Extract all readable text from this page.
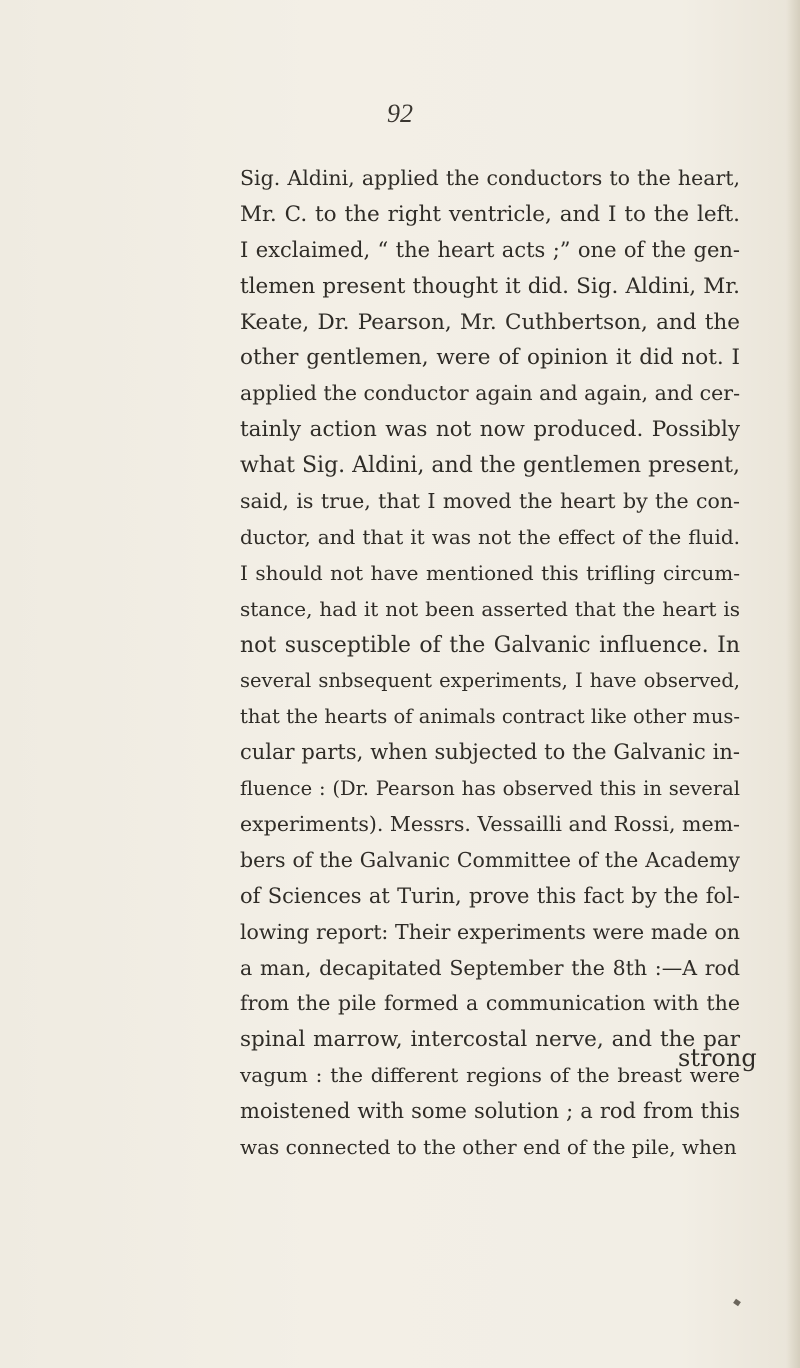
92
Sig. Aldini, applied the conductors to the heart,
Mr. C. to the right ventricle, and I to the left.
I exclaimed, “ the heart acts ;” one of the gen-
tlemen present thought it did. Sig. Aldini, Mr.
Keate, Dr. Pearson, Mr. Cuthbertson, and the
other gentlemen, were of opinion it did not. I
applied the conductor again and again, and cer-
tainly action was not now produced. Possibly
what Sig. Aldini, and the gentlemen present,
said, is true, that I moved the heart by the con-
ductor, and that it was not the effect of the fluid.
I should not have mentioned this trifling circum-
stance, had it not been asserted that the heart is
not susceptible of the Galvanic influence. In
several snbsequent experiments, I have observed,
that the hearts of animals contract like other mus-
cular parts, when subjected to the Galvanic in-
fluence : (Dr. Pearson has observed this in several
experiments). Messrs. Vessailli and Rossi, mem-
bers of the Galvanic Committee of the Academy
of Sciences at Turin, prove this fact by the fol-
lowing report: Their experiments were made on
a man, decapitated September the 8th :—A rod
from the pile formed a communication with the
spinal marrow, intercostal nerve, and the par
vagum : the different regions of the breast were
moistened with some solution ; a rod from this
was connected to the other end of the pile, when
strong
